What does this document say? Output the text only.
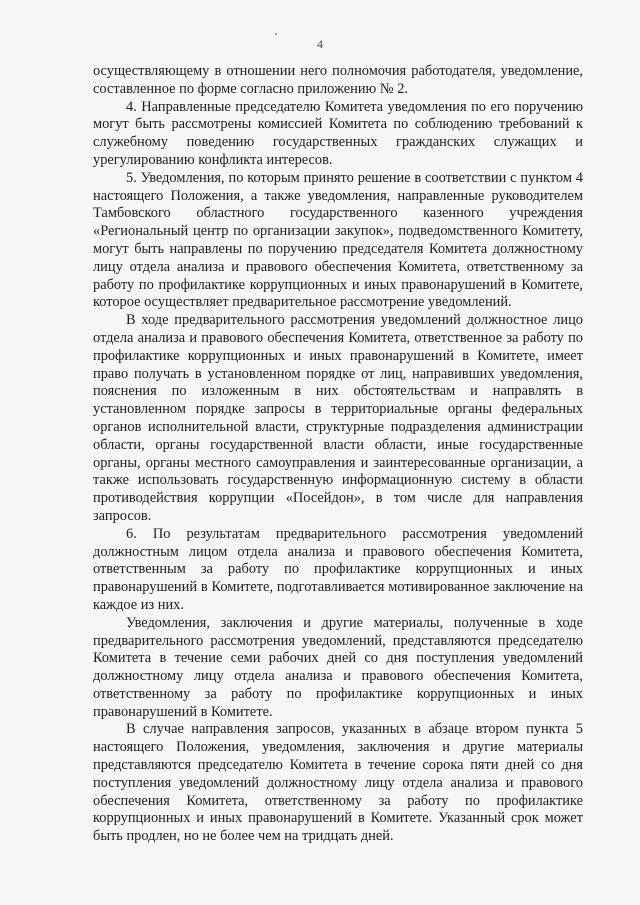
4

осуществляющему в отношении него полномочия работодателя, уведомление, составленное по форме согласно приложению № 2.

4. Направленные председателю Комитета уведомления по его поручению могут быть рассмотрены комиссией Комитета по соблюдению требований к служебному поведению государственных гражданских служащих и урегулированию конфликта интересов.

5. Уведомления, по которым принято решение в соответствии с пунктом 4 настоящего Положения, а также уведомления, направленные руководителем Тамбовского областного государственного казенного учреждения «Региональный центр по организации закупок», подведомственного Комитету, могут быть направлены по поручению председателя Комитета должностному лицу отдела анализа и правового обеспечения Комитета, ответственному за работу по профилактике коррупционных и иных правонарушений в Комитете, которое осуществляет предварительное рассмотрение уведомлений.

В ходе предварительного рассмотрения уведомлений должностное лицо отдела анализа и правового обеспечения Комитета, ответственное за работу по профилактике коррупционных и иных правонарушений в Комитете, имеет право получать в установленном порядке от лиц, направивших уведомления, пояснения по изложенным в них обстоятельствам и направлять в установленном порядке запросы в территориальные органы федеральных органов исполнительной власти, структурные подразделения администрации области, органы государственной власти области, иные государственные органы, органы местного самоуправления и заинтересованные организации, а также использовать государственную информационную систему в области противодействия коррупции «Посейдон», в том числе для направления запросов.

6. По результатам предварительного рассмотрения уведомлений должностным лицом отдела анализа и правового обеспечения Комитета, ответственным за работу по профилактике коррупционных и иных правонарушений в Комитете, подготавливается мотивированное заключение на каждое из них.

Уведомления, заключения и другие материалы, полученные в ходе предварительного рассмотрения уведомлений, представляются председателю Комитета в течение семи рабочих дней со дня поступления уведомлений должностному лицу отдела анализа и правового обеспечения Комитета, ответственному за работу по профилактике коррупционных и иных правонарушений в Комитете.

В случае направления запросов, указанных в абзаце втором пункта 5 настоящего Положения, уведомления, заключения и другие материалы представляются председателю Комитета в течение сорока пяти дней со дня поступления уведомлений должностному лицу отдела анализа и правового обеспечения Комитета, ответственному за работу по профилактике коррупционных и иных правонарушений в Комитете. Указанный срок может быть продлен, но не более чем на тридцать дней.
